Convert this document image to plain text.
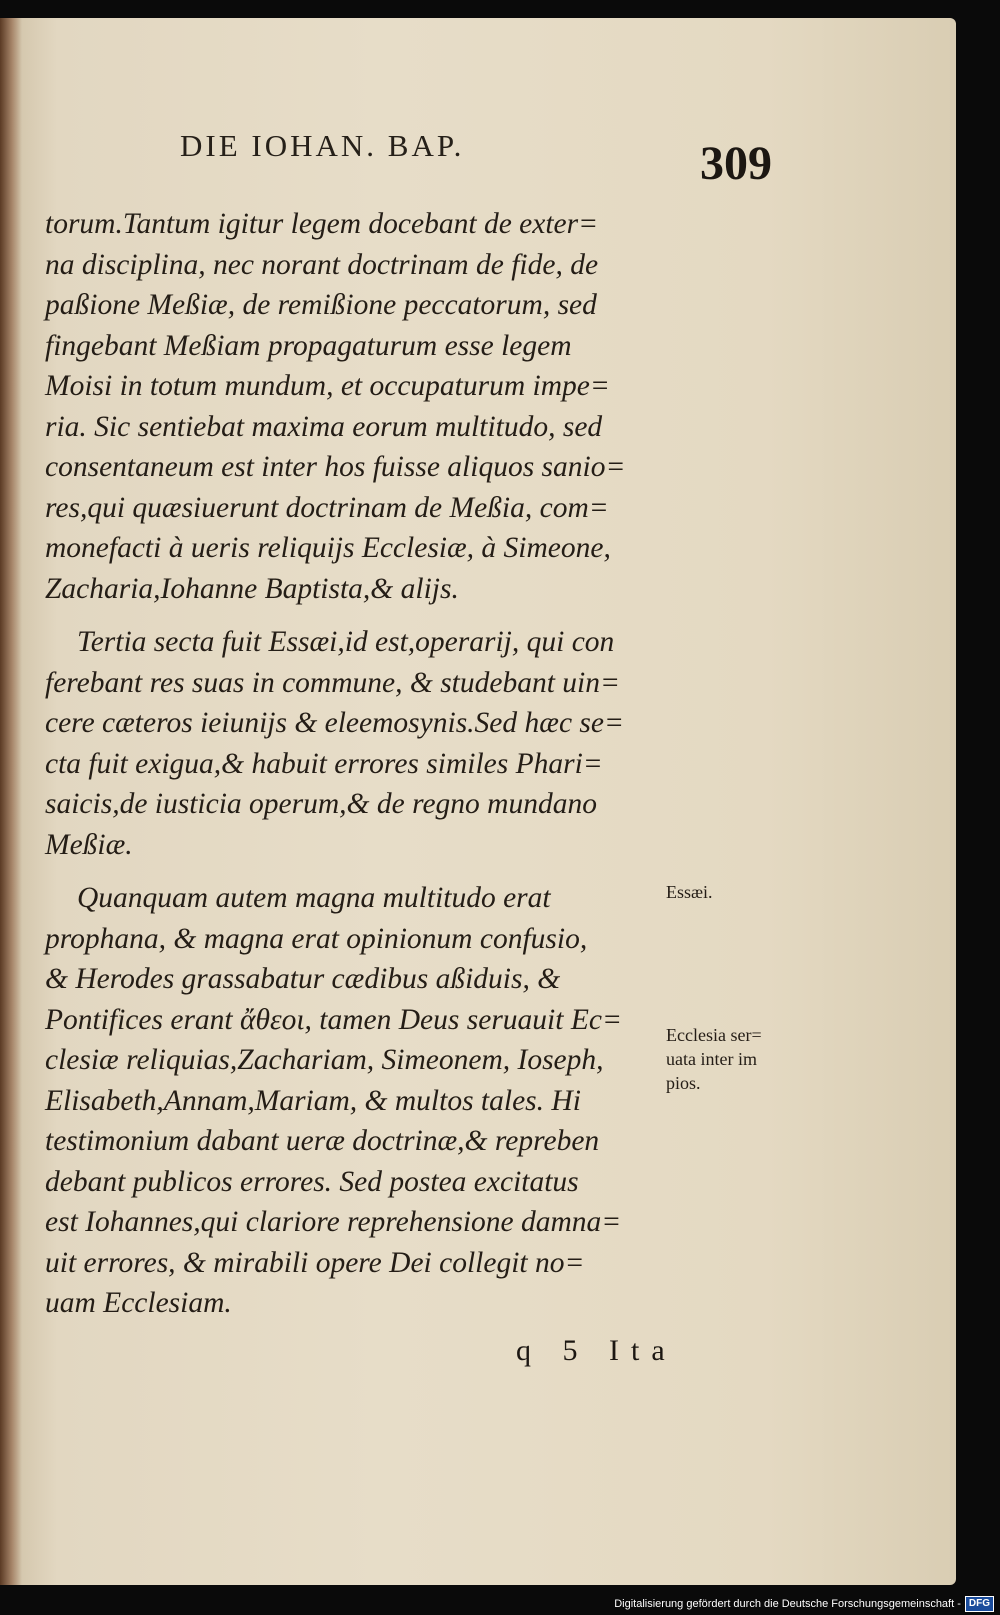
DIE IOHAN. BAP.	309

torum.Tantum igitur legem docebant de exter=
na disciplina, nec norant doctrinam de fide, de
paßione Meßiæ, de remißione peccatorum, sed
fingebant Meßiam propagaturum esse legem
Moisi in totum mundum, et occupaturum impe=
ria. Sic sentiebat maxima eorum multitudo, sed
consentaneum est inter hos fuisse aliquos sanio=
res,qui quæsiuerunt doctrinam de Meßia, com=
monefacti à ueris reliquijs Ecclesiæ, à Simeone,
Zacharia,Iohanne Baptista,& alijs.

Tertia secta fuit Essæi,id est,operarij, qui con
ferebant res suas in commune, & studebant uin=
cere cæteros ieiunijs & eleemosynis.Sed hæc se=
cta fuit exigua,& habuit errores similes Phari=
saicis,de iusticia operum,& de regno mundano
Meßiæ.

Quanquam autem magna multitudo erat
prophana, & magna erat opinionum confusio,
& Herodes grassabatur cædibus aßiduis, &
Pontifices erant ἄθεοι, tamen Deus seruauit Ec=
clesiæ reliquias,Zachariam, Simeonem, Ioseph,
Elisabeth,Annam,Mariam, & multos tales. Hi
testimonium dabant ueræ doctrinæ,& repreben
debant publicos errores. Sed postea excitatus
est Iohannes,qui clariore reprehensione damna=
uit errores, & mirabili opere Dei collegit no=
uam Ecclesiam.

Essæi.
Ecclesia ser=
uata inter im
pios.
q 5 Ita
Digitalisierung gefördert durch die Deutsche Forschungsgemeinschaft - DFG
